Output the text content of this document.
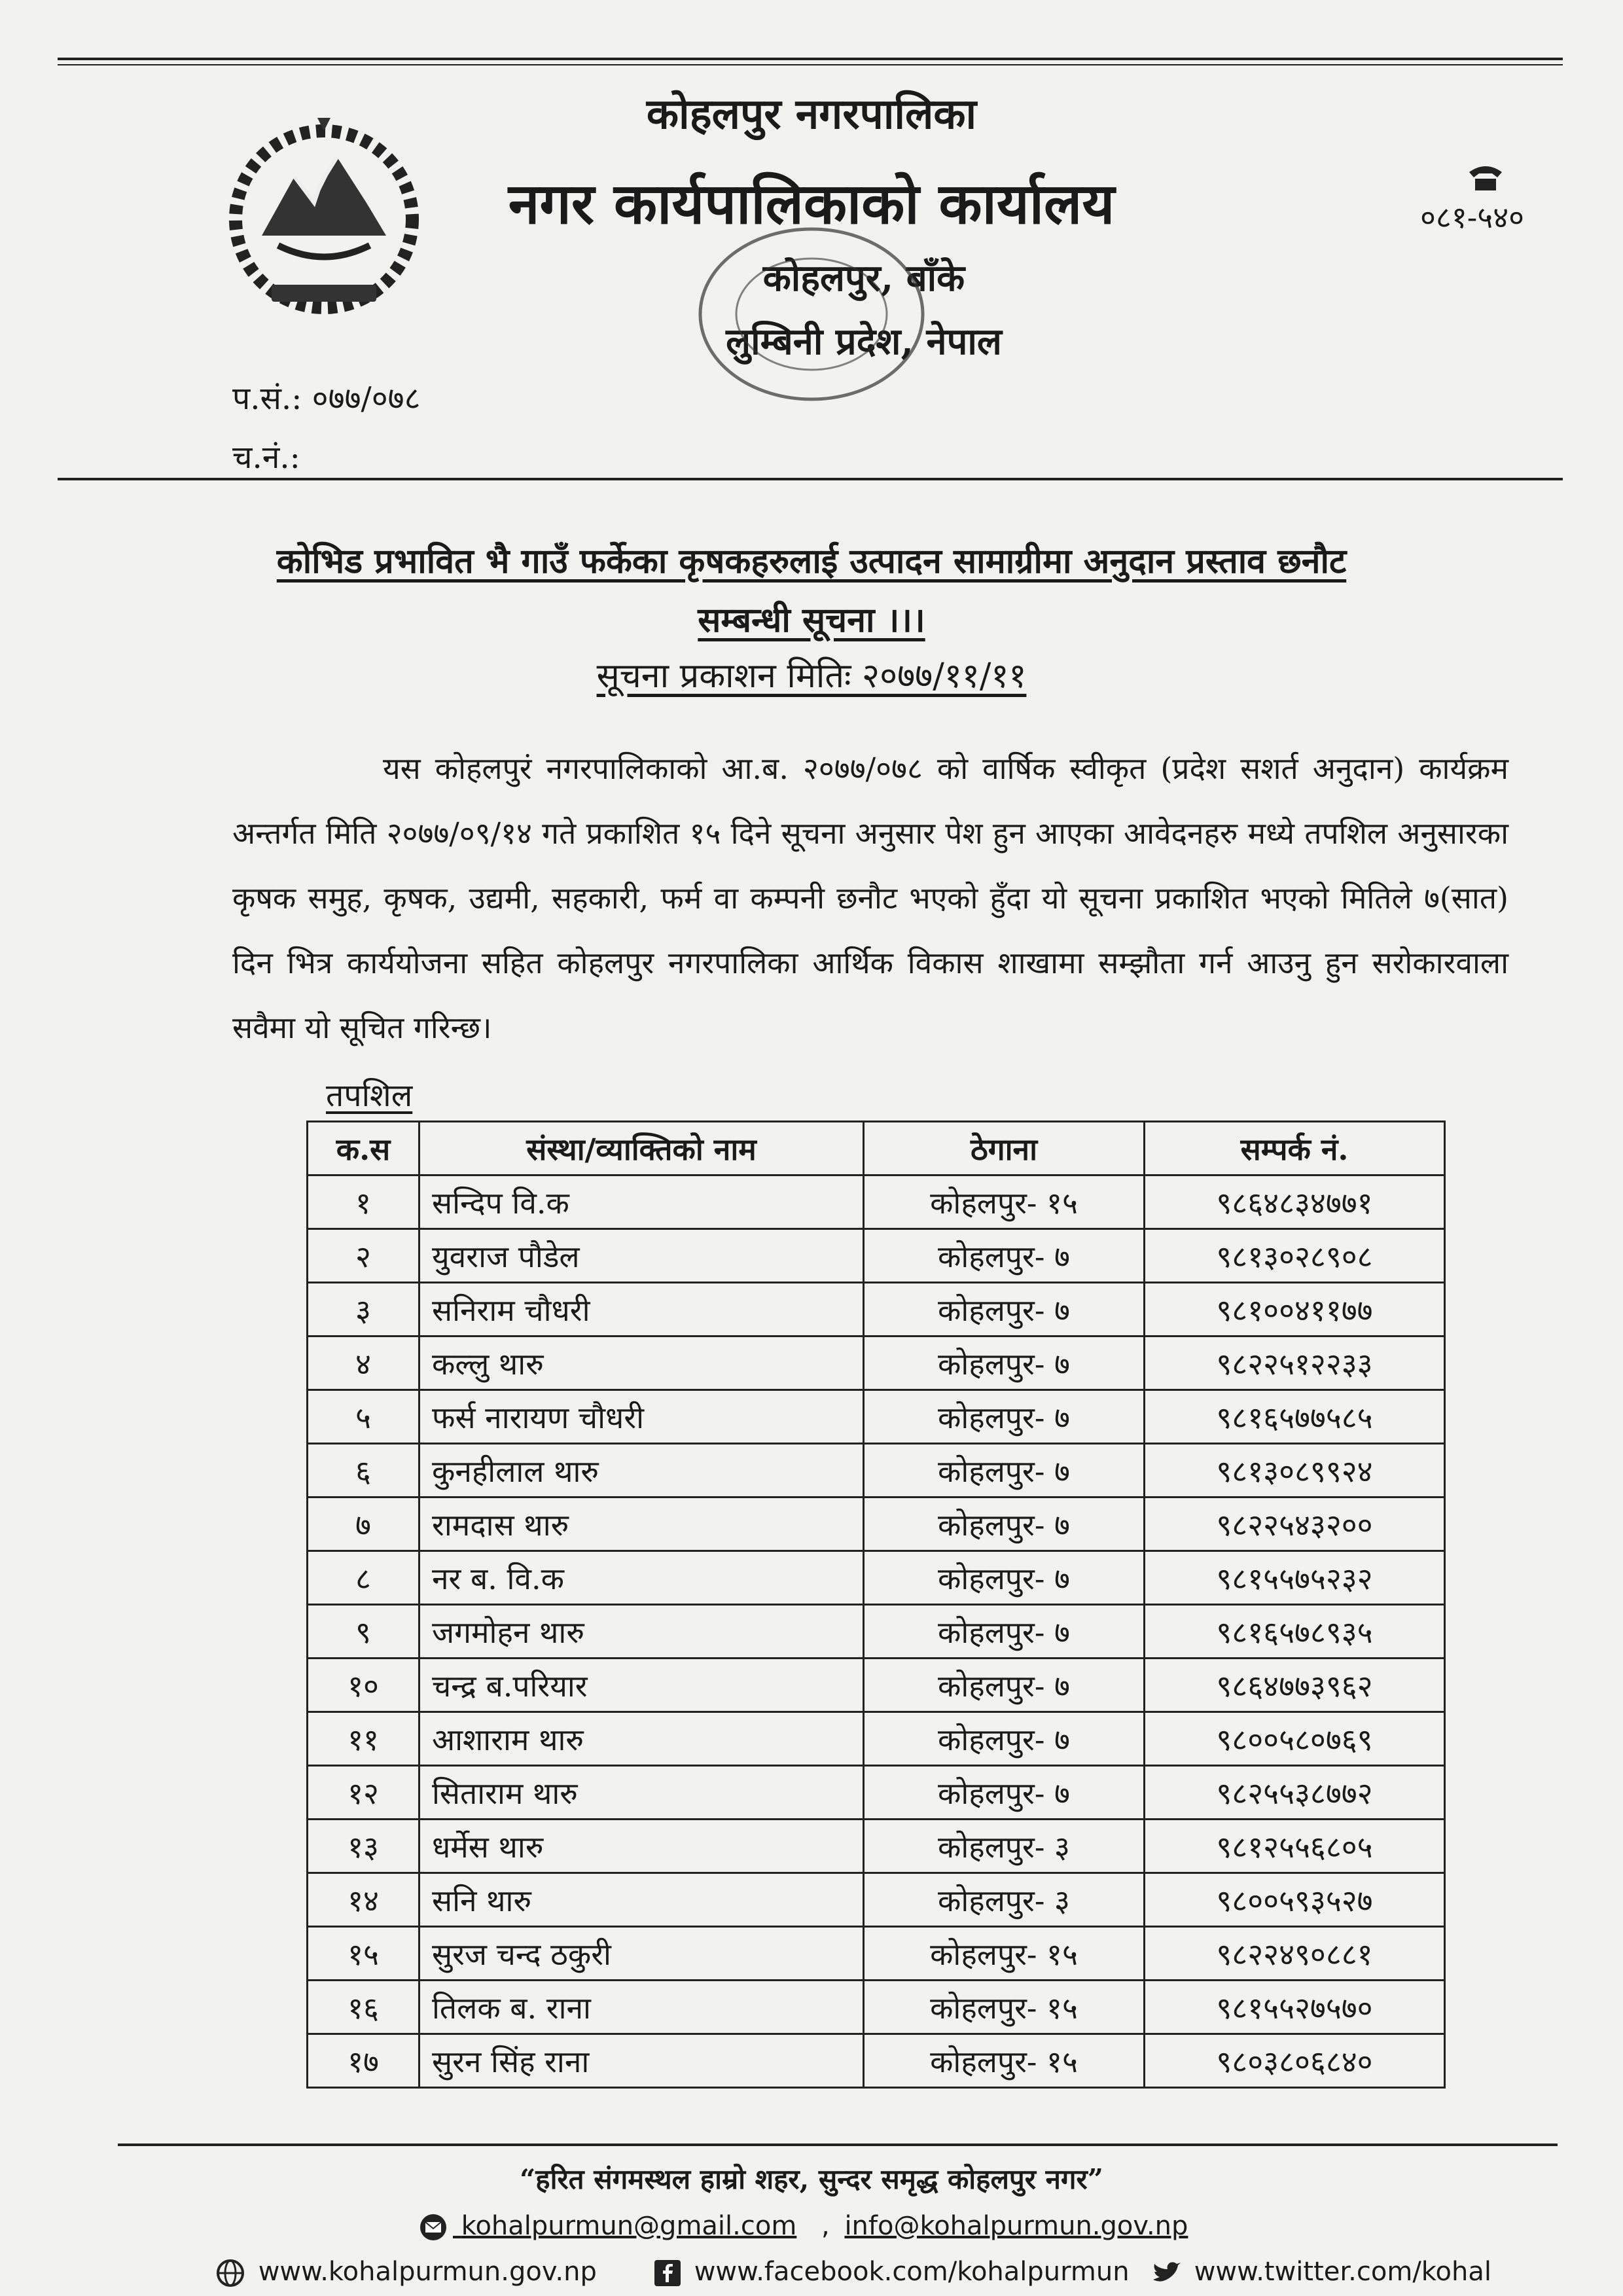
कोहलपुर नगरपालिका
नगर कार्यपालिकाको कार्यालय
कोहलपुर, बाँके
लुम्बिनी प्रदेश, नेपाल
०८१-५४०
प.सं.: ०७७/०७८
च.नं.:
कोभिड प्रभावित भै गाउँ फर्केका कृषकहरुलाई उत्पादन सामाग्रीमा अनुदान प्रस्ताव छनौट
सम्बन्धी सूचना ।।।
सूचना प्रकाशन मितिः २०७७/११/११
यस कोहलपुरं नगरपालिकाको आ.ब. २०७७/०७८ को वार्षिक स्वीकृत (प्रदेश सशर्त अनुदान) कार्यक्रम अन्तर्गत मिति २०७७/०९/१४ गते प्रकाशित १५ दिने सूचना अनुसार पेश हुन आएका आवेदनहरु मध्ये तपशिल अनुसारका कृषक समुह, कृषक, उद्यमी, सहकारी, फर्म वा कम्पनी छनौट भएको हुँदा यो सूचना प्रकाशित भएको मितिले ७(सात) दिन भित्र कार्ययोजना सहित कोहलपुर नगरपालिका आर्थिक विकास शाखामा सम्झौता गर्न आउनु हुन सरोकारवाला सवैमा यो सूचित गरिन्छ।
तपशिल
क.स	संस्था/व्याक्तिको नाम	ठेगाना	सम्पर्क नं.
१	सन्दिप वि.क	कोहलपुर- १५	९८६४८३४७७१
२	युवराज पौडेल	कोहलपुर- ७	९८१३०२८९०८
३	सनिराम चौधरी	कोहलपुर- ७	९८१००४११७७
४	कल्लु थारु	कोहलपुर- ७	९८२२५१२२३३
५	फर्स नारायण चौधरी	कोहलपुर- ७	९८१६५७७५८५
६	कुनहीलाल थारु	कोहलपुर- ७	९८१३०८९९२४
७	रामदास थारु	कोहलपुर- ७	९८२२५४३२००
८	नर ब. वि.क	कोहलपुर- ७	९८१५५७५२३२
९	जगमोहन थारु	कोहलपुर- ७	९८१६५७८९३५
१०	चन्द्र ब.परियार	कोहलपुर- ७	९८६४७७३९६२
११	आशाराम थारु	कोहलपुर- ७	९८००५८०७६९
१२	सिताराम थारु	कोहलपुर- ७	९८२५५३८७७२
१३	धर्मेस थारु	कोहलपुर- ३	९८१२५५६८०५
१४	सनि थारु	कोहलपुर- ३	९८००५९३५२७
१५	सुरज चन्द ठकुरी	कोहलपुर- १५	९८२२४९०८८१
१६	तिलक ब. राना	कोहलपुर- १५	९८१५५२७५७०
१७	सुरन सिंह राना	कोहलपुर- १५	९८०३८०६८४०
“हरित संगमस्थल हाम्रो शहर, सुन्दर समृद्ध कोहलपुर नगर”
kohalpurmun@gmail.com , info@kohalpurmun.gov.np
www.kohalpurmun.gov.np	www.facebook.com/kohalpurmun	www.twitter.com/kohal
